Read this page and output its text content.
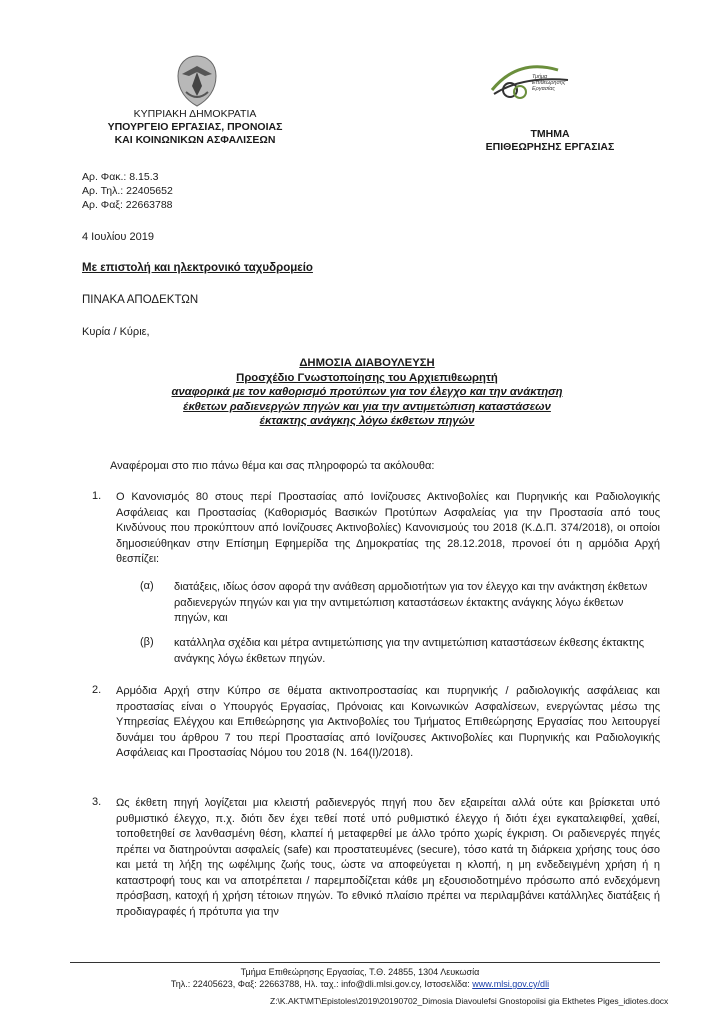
Τμήμα Επιθεώρησης Εργασίας
ΚΥΠΡΙΑΚΗ ΔΗΜΟΚΡΑΤΙΑ
ΥΠΟΥΡΓΕΙΟ ΕΡΓΑΣΙΑΣ, ΠΡΟΝΟΙΑΣ
ΚΑΙ ΚΟΙΝΩΝΙΚΩΝ ΑΣΦΑΛΙΣΕΩΝ	ΤΜΗΜΑ
ΕΠΙΘΕΩΡΗΣΗΣ ΕΡΓΑΣΙΑΣ
Αρ. Φακ.: 8.15.3
Αρ. Τηλ.: 22405652
Αρ. Φαξ: 22663788
4 Ιουλίου 2019
Με επιστολή και ηλεκτρονικό ταχυδρομείο
ΠΙΝΑΚΑ ΑΠΟΔΕΚΤΩΝ
Κυρία / Κύριε,
ΔΗΜΟΣΙΑ ΔΙΑΒΟΥΛΕΥΣΗ
Προσχέδιο Γνωστοποίησης του Αρχιεπιθεωρητή
αναφορικά με τον καθορισμό προτύπων για τον έλεγχο και την ανάκτηση
έκθετων ραδιενεργών πηγών και για την αντιμετώπιση καταστάσεων
έκτακτης ανάγκης λόγω έκθετων πηγών
Αναφέρομαι στο πιο πάνω θέμα και σας πληροφορώ τα ακόλουθα:
1. Ο Κανονισμός 80 στους περί Προστασίας από Ιονίζουσες Ακτινοβολίες και Πυρηνικής και Ραδιολογικής Ασφάλειας και Προστασίας (Καθορισμός Βασικών Προτύπων Ασφαλείας για την Προστασία από τους Κινδύνους που προκύπτουν από Ιονίζουσες Ακτινοβολίες) Κανονισμούς του 2018 (Κ.Δ.Π. 374/2018), οι οποίοι δημοσιεύθηκαν στην Επίσημη Εφημερίδα της Δημοκρατίας της 28.12.2018, προνοεί ότι η αρμόδια Αρχή θεσπίζει:
(α) διατάξεις, ιδίως όσον αφορά την ανάθεση αρμοδιοτήτων για τον έλεγχο και την ανάκτηση έκθετων ραδιενεργών πηγών και για την αντιμετώπιση καταστάσεων έκτακτης ανάγκης λόγω έκθετων πηγών, και
(β) κατάλληλα σχέδια και μέτρα αντιμετώπισης για την αντιμετώπιση καταστάσεων έκθεσης έκτακτης ανάγκης λόγω έκθετων πηγών.
2. Αρμόδια Αρχή στην Κύπρο σε θέματα ακτινοπροστασίας και πυρηνικής / ραδιολογικής ασφάλειας και προστασίας είναι ο Υπουργός Εργασίας, Πρόνοιας και Κοινωνικών Ασφαλίσεων, ενεργώντας μέσω της Υπηρεσίας Ελέγχου και Επιθεώρησης για Ακτινοβολίες του Τμήματος Επιθεώρησης Εργασίας που λειτουργεί δυνάμει του άρθρου 7 του περί Προστασίας από Ιονίζουσες Ακτινοβολίες και Πυρηνικής και Ραδιολογικής Ασφάλειας και Προστασίας Νόμου του 2018 (Ν. 164(Ι)/2018).
3. Ως έκθετη πηγή λογίζεται μια κλειστή ραδιενεργός πηγή που δεν εξαιρείται αλλά ούτε και βρίσκεται υπό ρυθμιστικό έλεγχο, π.χ. διότι δεν έχει τεθεί ποτέ υπό ρυθμιστικό έλεγχο ή διότι έχει εγκαταλειφθεί, χαθεί, τοποθετηθεί σε λανθασμένη θέση, κλαπεί ή μεταφερθεί με άλλο τρόπο χωρίς έγκριση. Οι ραδιενεργές πηγές πρέπει να διατηρούνται ασφαλείς (safe) και προστατευμένες (secure), τόσο κατά τη διάρκεια χρήσης τους όσο και μετά τη λήξη της ωφέλιμης ζωής τους, ώστε να αποφεύγεται η κλοπή, η μη ενδεδειγμένη χρήση ή η καταστροφή τους και να αποτρέπεται / παρεμποδίζεται κάθε μη εξουσιοδοτημένο πρόσωπο από ενδεχόμενη πρόσβαση, κατοχή ή χρήση τέτοιων πηγών. Το εθνικό πλαίσιο πρέπει να περιλαμβάνει κατάλληλες διατάξεις ή προδιαγραφές ή πρότυπα για την
Τμήμα Επιθεώρησης Εργασίας, Τ.Θ. 24855, 1304 Λευκωσία
Τηλ.: 22405623, Φαξ: 22663788, Ηλ. ταχ.: info@dli.mlsi.gov.cy, Ιστοσελίδα: www.mlsi.gov.cy/dli
Z:\K.AKT\MT\Epistoles\2019\20190702_Dimosia Diavoulefsi Gnostopoiisi gia Ekthetes Piges_idiotes.docx
